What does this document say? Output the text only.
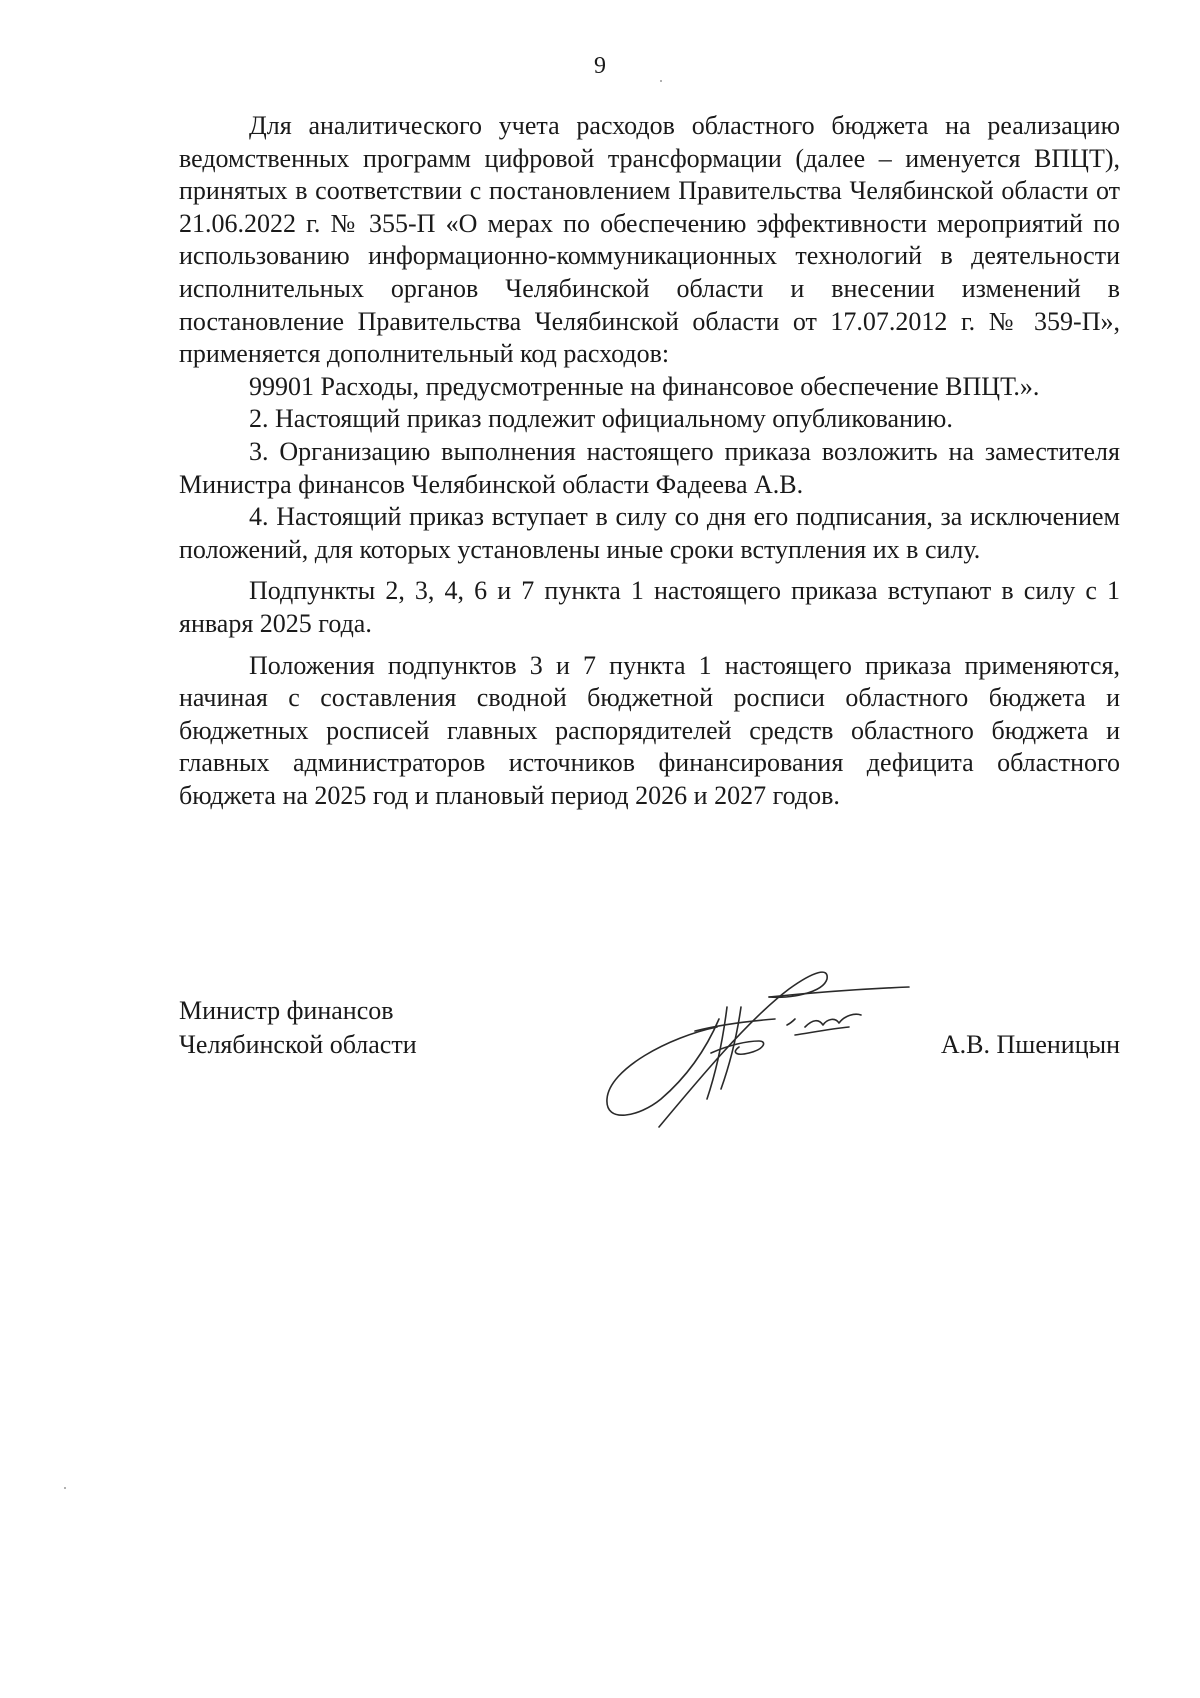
9

Для аналитического учета расходов областного бюджета на реализацию ведомственных программ цифровой трансформации (далее – именуется ВПЦТ), принятых в соответствии с постановлением Правительства Челябинской области от 21.06.2022 г. № 355-П «О мерах по обеспечению эффективности мероприятий по использованию информационно-коммуникационных технологий в деятельности исполнительных органов Челябинской области и внесении изменений в постановление Правительства Челябинской области от 17.07.2012 г. № 359-П», применяется дополнительный код расходов:

99901 Расходы, предусмотренные на финансовое обеспечение ВПЦТ.».

2. Настоящий приказ подлежит официальному опубликованию.

3. Организацию выполнения настоящего приказа возложить на заместителя Министра финансов Челябинской области Фадеева А.В.

4. Настоящий приказ вступает в силу со дня его подписания, за исключением положений, для которых установлены иные сроки вступления их в силу.

Подпункты 2, 3, 4, 6 и 7 пункта 1 настоящего приказа вступают в силу с 1 января 2025 года.

Положения подпунктов 3 и 7 пункта 1 настоящего приказа применяются, начиная с составления сводной бюджетной росписи областного бюджета и бюджетных росписей главных распорядителей средств областного бюджета и главных администраторов источников финансирования дефицита областного бюджета на 2025 год и плановый период 2026 и 2027 годов.

Министр финансов
Челябинской области	А.В. Пшеницын
